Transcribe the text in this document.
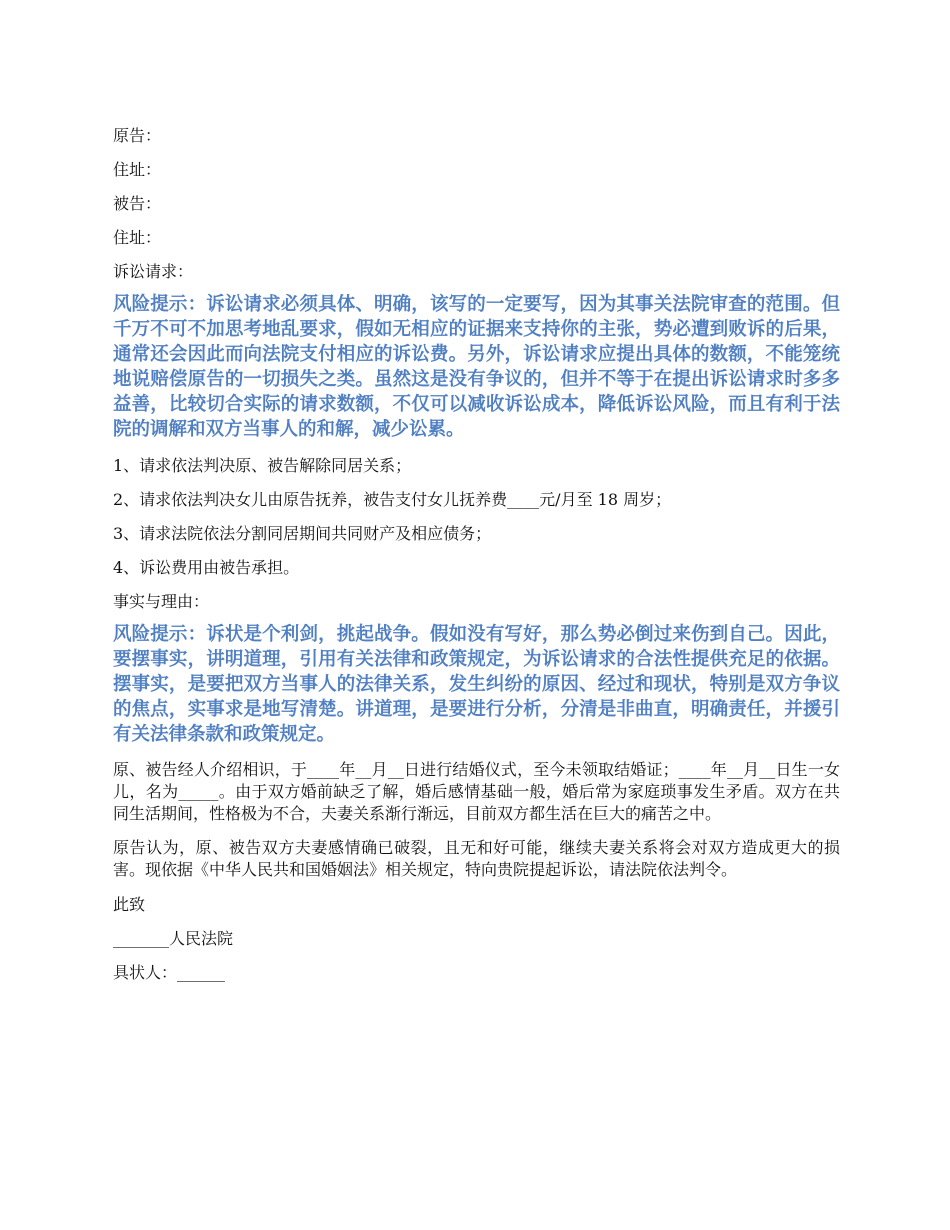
原告：

住址：

被告：

住址：

诉讼请求：

风险提示：诉讼请求必须具体、明确，该写的一定要写，因为其事关法院审查的范围。但千万不可不加思考地乱要求，假如无相应的证据来支持你的主张，势必遭到败诉的后果，通常还会因此而向法院支付相应的诉讼费。另外，诉讼请求应提出具体的数额，不能笼统地说赔偿原告的一切损失之类。虽然这是没有争议的，但并不等于在提出诉讼请求时多多益善，比较切合实际的请求数额，不仅可以减收诉讼成本，降低诉讼风险，而且有利于法院的调解和双方当事人的和解，减少讼累。

1、请求依法判决原、被告解除同居关系；

2、请求依法判决女儿由原告抚养，被告支付女儿抚养费____元/月至 18 周岁；

3、请求法院依法分割同居期间共同财产及相应债务；

4、诉讼费用由被告承担。

事实与理由：

风险提示：诉状是个利剑，挑起战争。假如没有写好，那么势必倒过来伤到自己。因此，要摆事实，讲明道理，引用有关法律和政策规定，为诉讼请求的合法性提供充足的依据。摆事实，是要把双方当事人的法律关系，发生纠纷的原因、经过和现状，特别是双方争议的焦点，实事求是地写清楚。讲道理，是要进行分析，分清是非曲直，明确责任，并援引有关法律条款和政策规定。

原、被告经人介绍相识，于____年__月__日进行结婚仪式，至今未领取结婚证；____年__月__日生一女儿，名为_____。由于双方婚前缺乏了解，婚后感情基础一般，婚后常为家庭琐事发生矛盾。双方在共同生活期间，性格极为不合，夫妻关系渐行渐远，目前双方都生活在巨大的痛苦之中。

原告认为，原、被告双方夫妻感情确已破裂，且无和好可能，继续夫妻关系将会对双方造成更大的损害。现依据《中华人民共和国婚姻法》相关规定，特向贵院提起诉讼，请法院依法判令。

此致

_______人民法院

具状人：______
